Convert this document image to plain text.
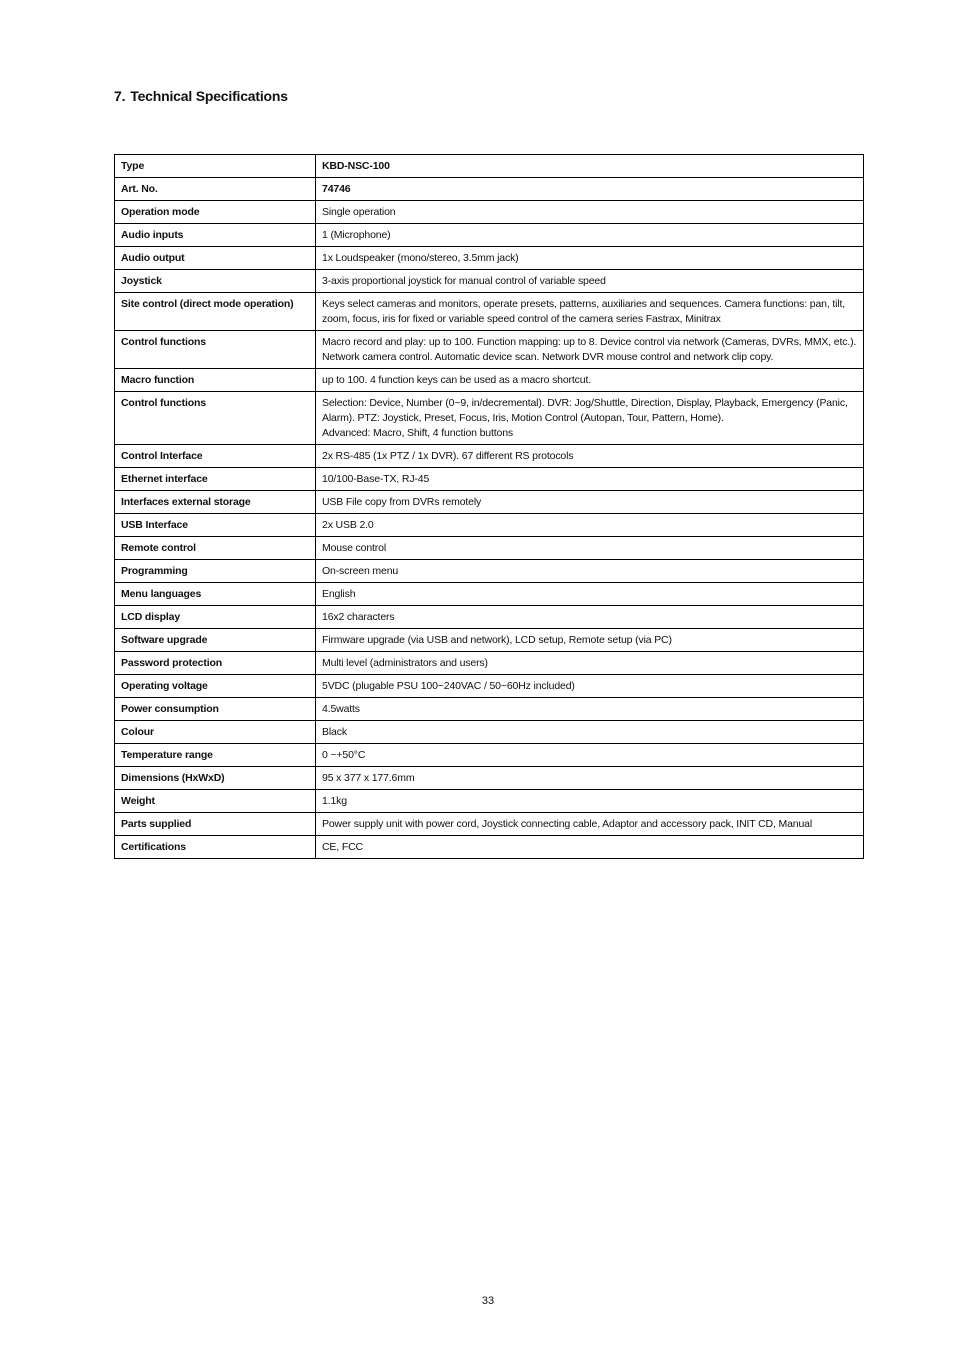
7. Technical Specifications
Type	KBD-NSC-100
Art. No.	74746
Operation mode	Single operation
Audio inputs	1 (Microphone)
Audio output	1x Loudspeaker (mono/stereo, 3.5mm jack)
Joystick	3-axis proportional joystick for manual control of variable speed
Site control (direct mode operation)	Keys select cameras and monitors, operate presets, patterns, auxiliaries and sequences. Camera functions: pan, tilt, zoom, focus, iris for fixed or variable speed control of the camera series Fastrax, Minitrax
Control functions	Macro record and play: up to 100. Function mapping: up to 8. Device control via network (Cameras, DVRs, MMX, etc.). Network camera control. Automatic device scan. Network DVR mouse control and network clip copy.
Macro function	up to 100. 4 function keys can be used as a macro shortcut.
Control functions	Selection: Device, Number (0~9, in/decremental). DVR: Jog/Shuttle, Direction, Display, Playback, Emergency (Panic, Alarm). PTZ: Joystick, Preset, Focus, Iris, Motion Control (Autopan, Tour, Pattern, Home).
Advanced: Macro, Shift, 4 function buttons
Control Interface	2x RS-485 (1x PTZ / 1x DVR). 67 different RS protocols
Ethernet interface	10/100-Base-TX, RJ-45
Interfaces external storage	USB File copy from DVRs remotely
USB Interface	2x USB 2.0
Remote control	Mouse control
Programming	On-screen menu
Menu languages	English
LCD display	16x2 characters
Software upgrade	Firmware upgrade (via USB and network), LCD setup, Remote setup (via PC)
Password protection	Multi level (administrators and users)
Operating voltage	5VDC (plugable PSU 100~240VAC / 50~60Hz included)
Power consumption	4.5watts
Colour	Black
Temperature range	0 ~+50°C
Dimensions (HxWxD)	95 x 377 x 177.6mm
Weight	1.1kg
Parts supplied	Power supply unit with power cord, Joystick connecting cable, Adaptor and accessory pack, INIT CD, Manual
Certifications	CE, FCC
33
